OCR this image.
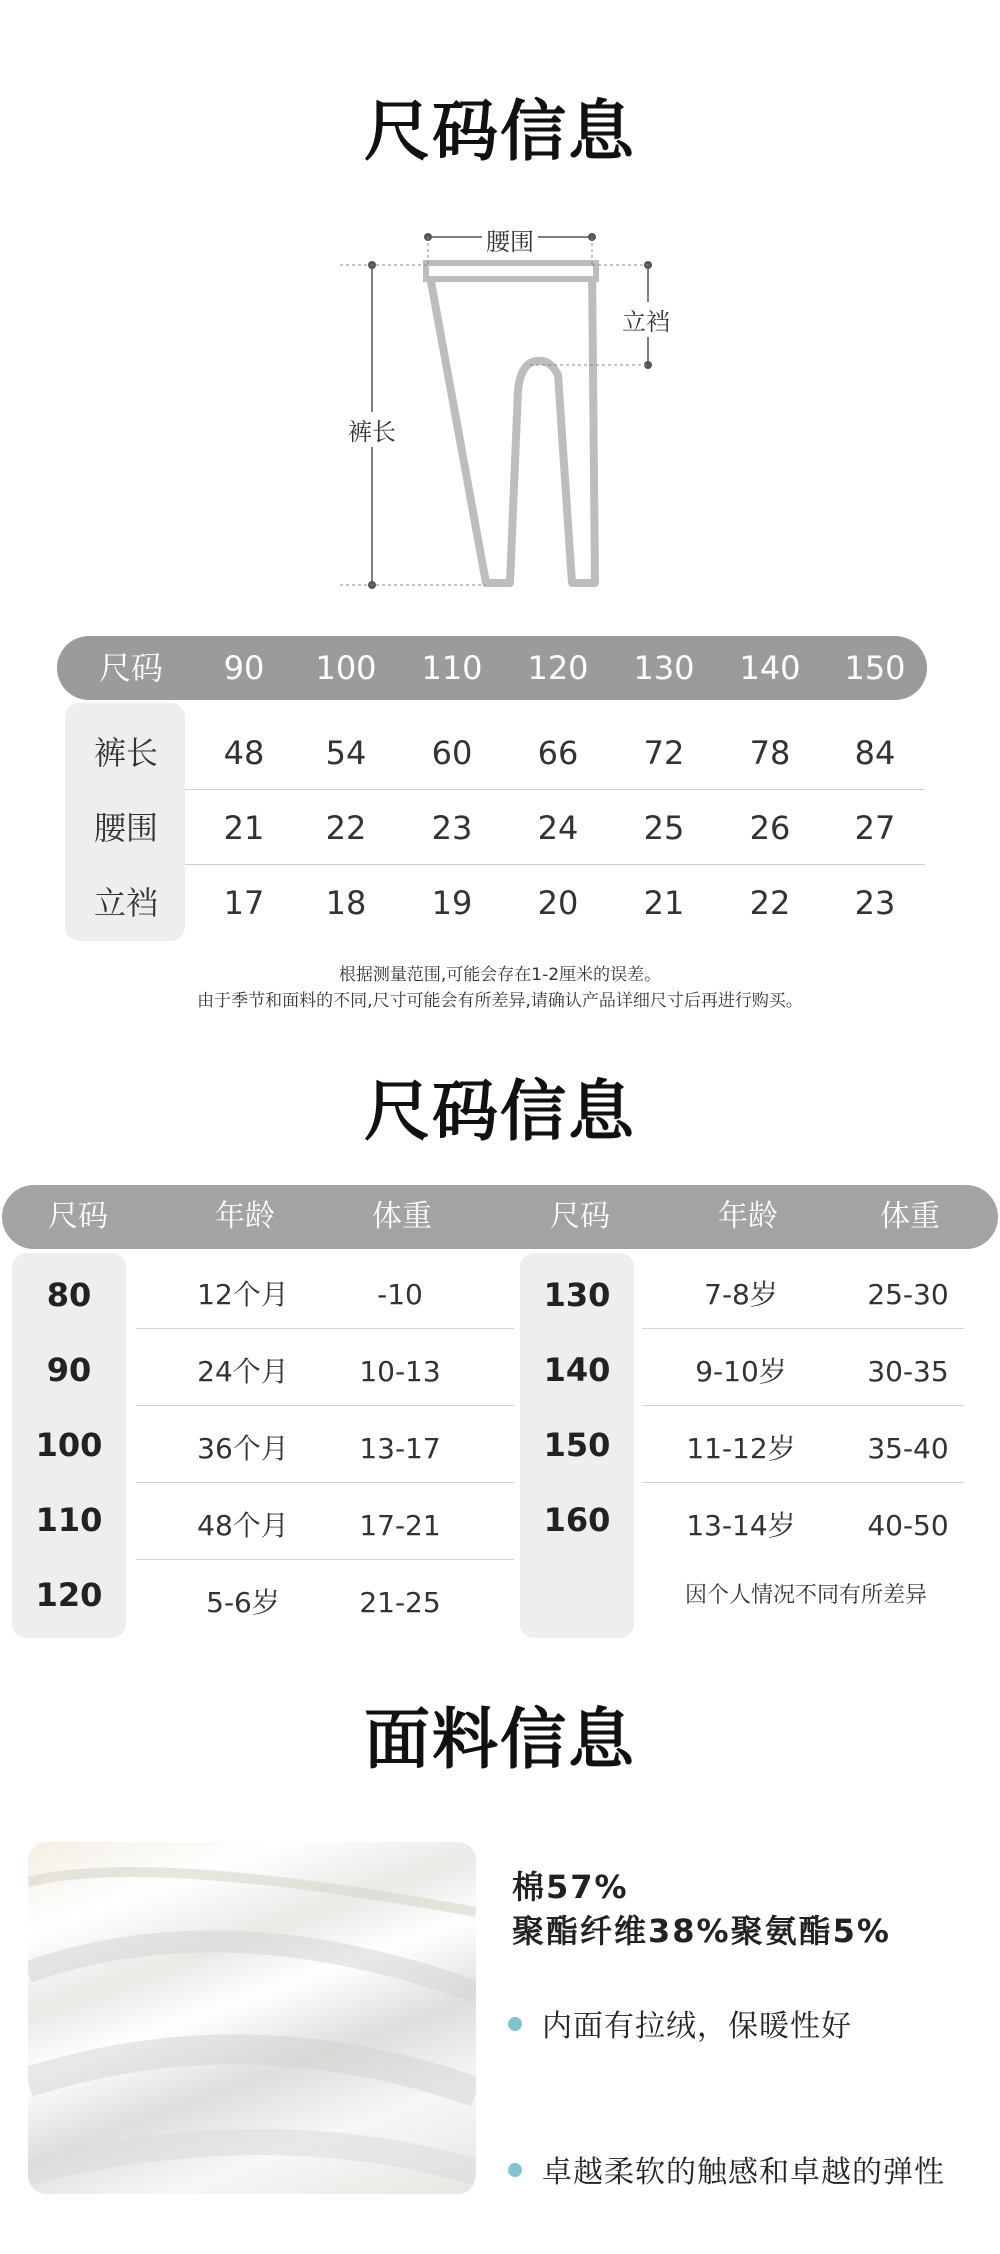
尺码信息
腰围
立裆
裤长
尺码	90	100	110	120	130	140	150
裤长	48	54	60	66	72	78	84
腰围	21	22	23	24	25	26	27
立裆	17	18	19	20	21	22	23
根据测量范围,可能会存在1-2厘米的误差。
由于季节和面料的不同,尺寸可能会有所差异,请确认产品详细尺寸后再进行购买。
尺码信息
尺码	年龄	体重	尺码	年龄	体重
80	12个月	-10
90	24个月	10-13
100	36个月	13-17
110	48个月	17-21
120	5-6岁	21-25
130	7-8岁	25-30
140	9-10岁	30-35
150	11-12岁	35-40
160	13-14岁	40-50
因个人情况不同有所差异
面料信息
棉57%
聚酯纤维38%聚氨酯5%
内面有拉绒，保暖性好
卓越柔软的触感和卓越的弹性
